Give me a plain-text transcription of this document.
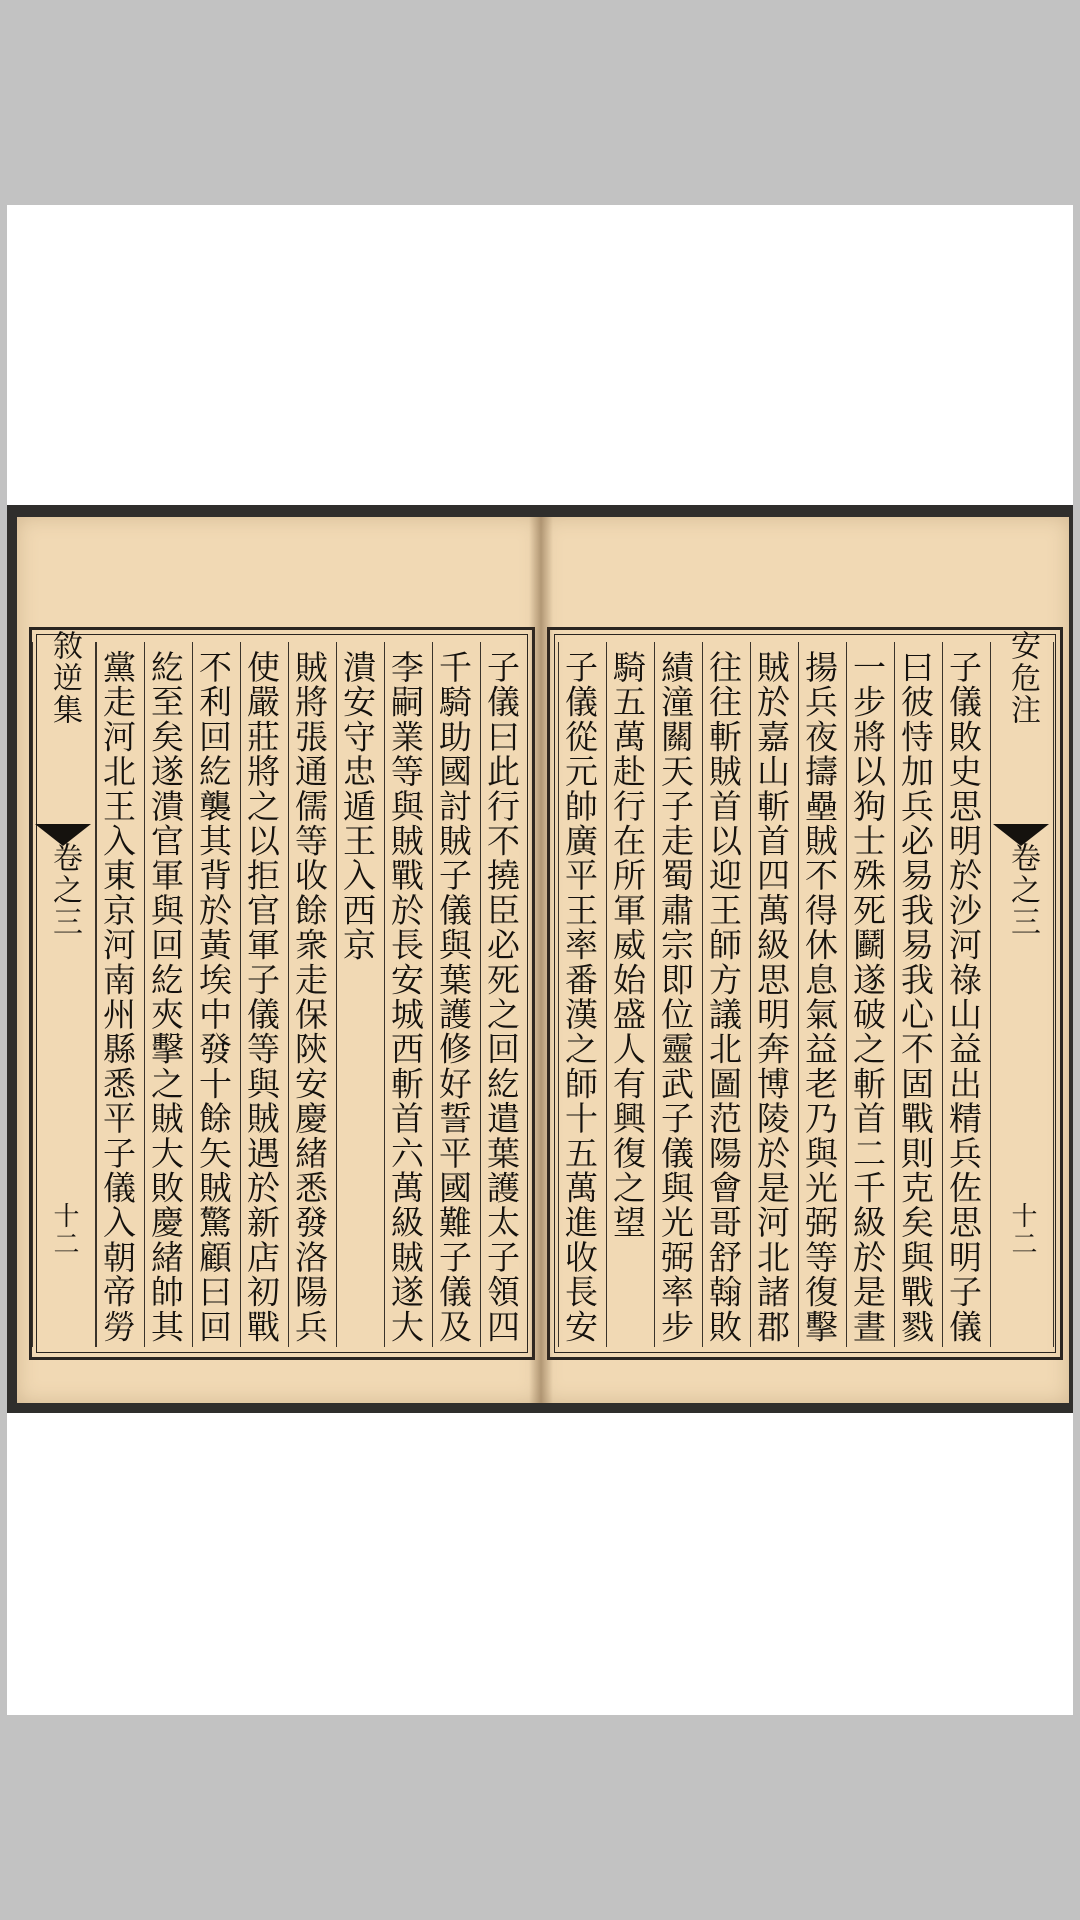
敘逆集
卷之三
十二 黨走河北王入東京河南州縣悉平子儀入朝帝勞 紇至矣遂潰官軍與回紇夾擊之賊大敗慶緒帥其 不利回紇襲其背於黃埃中發十餘矢賊驚顧曰回 使嚴莊將之以拒官軍子儀等與賊遇於新店初戰 賊將張通儒等收餘衆走保陝安慶緒悉發洛陽兵 潰安守忠遁王入西京 李嗣業等與賊戰於長安城西斬首六萬級賊遂大 千騎助國討賊子儀與葉護修好誓平國難子儀及 子儀曰此行不撓臣必死之回紇遣葉護太子領四 子儀從元帥廣平王率番漢之師十五萬進收長安 騎五萬赴行在所軍威始盛人有興復之望 績潼關天子走蜀肅宗即位靈武子儀與光弼率步 往往斬賊首以迎王師方議北圖范陽會哥舒翰敗 賊於嘉山斬首四萬級思明奔博陵於是河北諸郡 揚兵夜擣壘賊不得休息氣益老乃與光弼等復擊 一步將以狗士殊死鬬遂破之斬首二千級於是晝 曰彼恃加兵必易我易我心不固戰則克矣與戰戮 子儀敗史思明於沙河祿山益出精兵佐思明子儀 安危注
卷之三
十二
